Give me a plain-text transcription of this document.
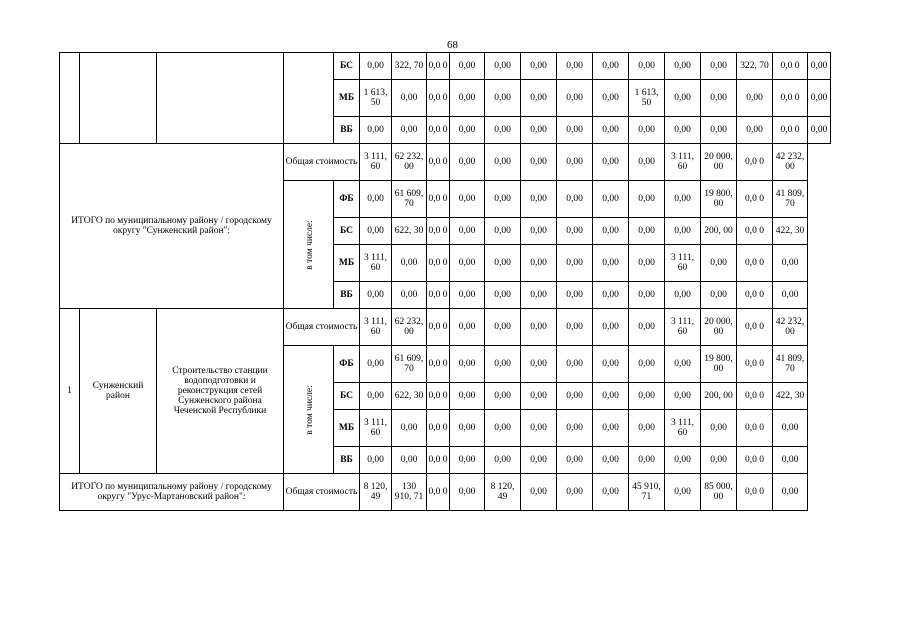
68
				БС	0,00	322, 70	0,0 0	0,00	0,00	0,00	0,00	0,00	0,00	0,00	0,00	322, 70	0,0 0	0,00
				МБ	1 613, 50	0,00	0,0 0	0,00	0,00	0,00	0,00	0,00	1 613, 50	0,00	0,00	0,00	0,0 0	0,00
				ВБ	0,00	0,00	0,0 0	0,00	0,00	0,00	0,00	0,00	0,00	0,00	0,00	0,00	0,0 0	0,00
ИТОГО по муниципальному району / городскому округу "Сунженский район":			Общая стоимость		3 111, 60	62 232, 00	0,0 0	0,00	0,00	0,00	0,00	0,00	0,00	3 111, 60	20 000, 00	0,0 0	42 232, 00	
			в том числе:	ФБ	0,00	61 609, 70	0,0 0	0,00	0,00	0,00	0,00	0,00	0,00	0,00	19 800, 00	0,0 0	41 809, 70	
				БС	0,00	622, 30	0,0 0	0,00	0,00	0,00	0,00	0,00	0,00	0,00	200, 00	0,0 0	422, 30	
				МБ	3 111, 60	0,00	0,0 0	0,00	0,00	0,00	0,00	0,00	0,00	3 111, 60	0,00	0,0 0	0,00	
				ВБ	0,00	0,00	0,0 0	0,00	0,00	0,00	0,00	0,00	0,00	0,00	0,00	0,0 0	0,00	
1	Сунженский район	Строительство станции водоподготовки и реконструкция сетей Сунженского района Чеченской Республики	Общая стоимость		3 111, 60	62 232, 00	0,0 0	0,00	0,00	0,00	0,00	0,00	0,00	3 111, 60	20 000, 00	0,0 0	42 232, 00	
			в том числе:	ФБ	0,00	61 609, 70	0,0 0	0,00	0,00	0,00	0,00	0,00	0,00	0,00	19 800, 00	0,0 0	41 809, 70	
				БС	0,00	622, 30	0,0 0	0,00	0,00	0,00	0,00	0,00	0,00	0,00	200, 00	0,0 0	422, 30	
				МБ	3 111, 60	0,00	0,0 0	0,00	0,00	0,00	0,00	0,00	0,00	3 111, 60	0,00	0,0 0	0,00	
				ВБ	0,00	0,00	0,0 0	0,00	0,00	0,00	0,00	0,00	0,00	0,00	0,00	0,0 0	0,00	
ИТОГО по муниципальному району / городскому округу "Урус-Мартановский район":			Общая стоимость		8 120, 49	130 910, 71	0,0 0	0,00	8 120, 49	0,00	0,00	0,00	45 910, 71	0,00	85 000, 00	0,0 0	0,00	
